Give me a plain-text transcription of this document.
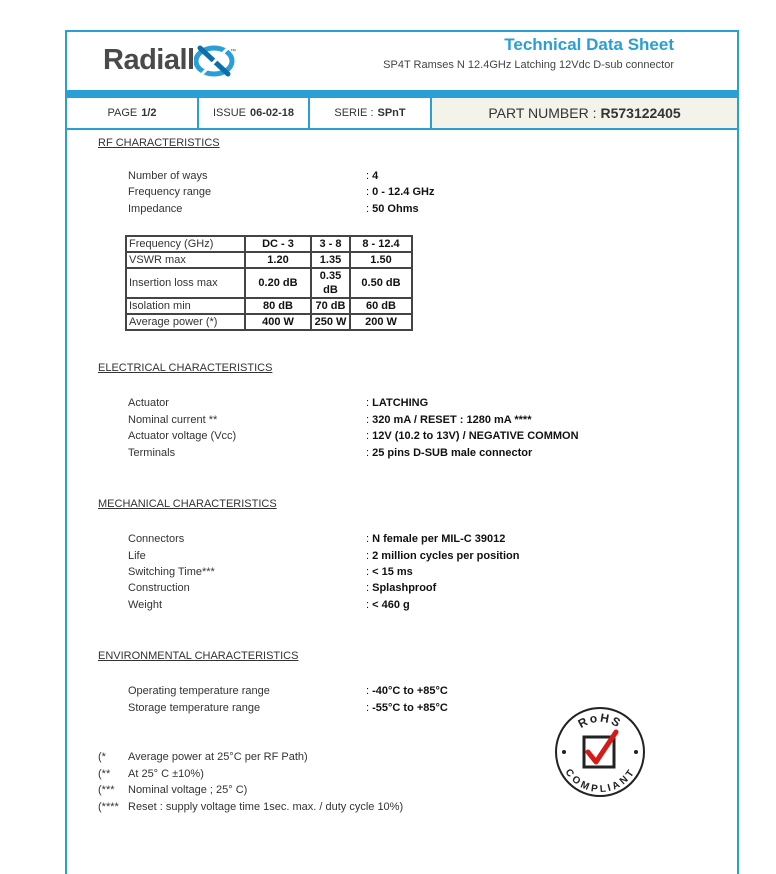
Radiall	™	Technical Data Sheet
SP4T Ramses N 12.4GHz Latching 12Vdc D-sub connector
PAGE 1/2	ISSUE 06-02-18	SERIE : SPnT	PART NUMBER : R573122405
RF CHARACTERISTICS
Number of ways	: 4
Frequency range	: 0 - 12.4 GHz
Impedance	: 50 Ohms
Frequency (GHz)	DC - 3	3 - 8	8 - 12.4
VSWR max	1.20	1.35	1.50
Insertion loss max	0.20 dB	0.35 dB	0.50 dB
Isolation min	80 dB	70 dB	60 dB
Average power (*)	400 W	250 W	200 W
ELECTRICAL CHARACTERISTICS
Actuator	: LATCHING
Nominal current **	: 320 mA / RESET : 1280 mA ****
Actuator voltage (Vcc)	: 12V (10.2 to 13V) / NEGATIVE COMMON
Terminals	: 25 pins D-SUB male connector
MECHANICAL CHARACTERISTICS
Connectors	: N female per MIL-C 39012
Life	: 2 million cycles per position
Switching Time***	: < 15 ms
Construction	: Splashproof
Weight	: < 460 g
ENVIRONMENTAL CHARACTERISTICS
Operating temperature range	: -40°C to +85°C
Storage temperature range	: -55°C to +85°C
(* Average power at 25°C per RF Path)
(** At 25° C ±10%)
(*** Nominal voltage ; 25° C)
(**** Reset : supply voltage time 1sec. max. / duty cycle 10%)
RoHS
COMPLIANT
